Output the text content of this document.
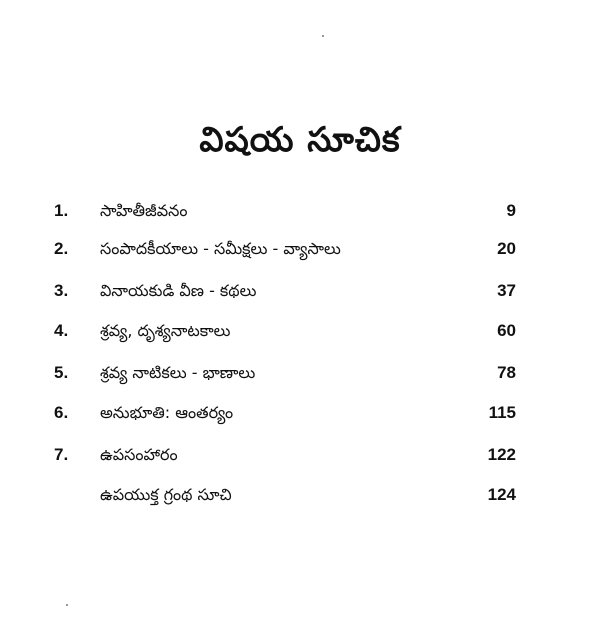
విషయ సూచిక
1. సాహితీజీవనం	9
2. సంపాదకీయాలు - సమీక్షలు - వ్యాసాలు	20
3. వినాయకుడి వీణ - కథలు	37
4. శ్రవ్య, దృశ్యనాటకాలు	60
5. శ్రవ్య నాటికలు - భాణాలు	78
6. అనుభూతి: ఆంతర్యం	115
7. ఉపసంహారం	122
ఉపయుక్త గ్రంథ సూచి	124
